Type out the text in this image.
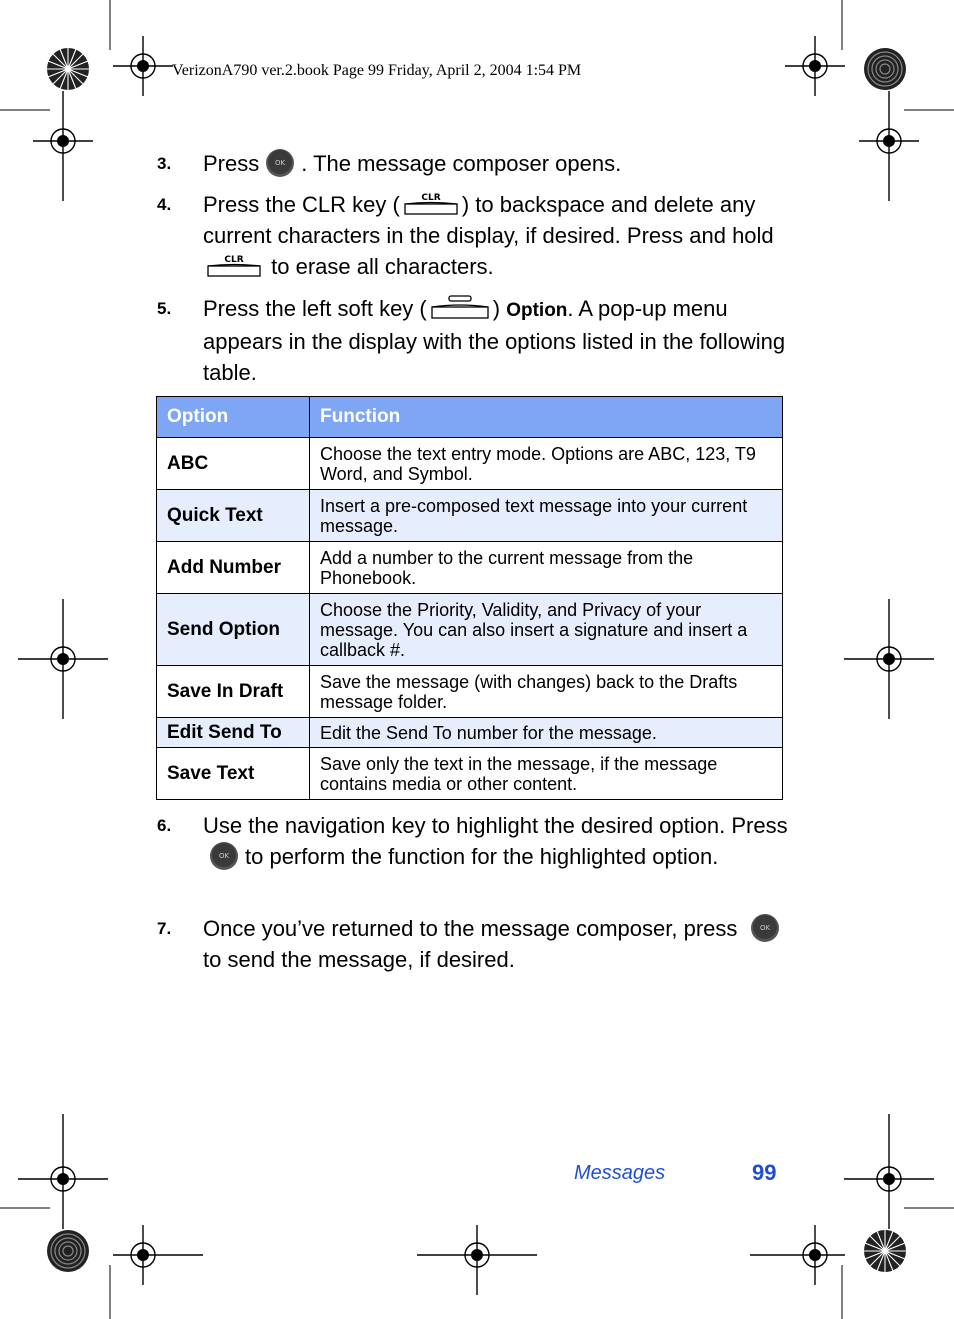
VerizonA790 ver.2.book Page 99 Friday, April 2, 2004 1:54 PM
3. Press OK . The message composer opens.
4. Press the CLR key ( CLR ) to backspace and delete any current characters in the display, if desired. Press and hold
CLR to erase all characters.
5. Press the left soft key (	) Option. A pop-up menu appears in the display with the options listed in the following table.
Option	Function
ABC	Choose the text entry mode. Options are ABC, 123, T9 Word, and Symbol.
Quick Text	Insert a pre-composed text message into your current message.
Add Number	Add a number to the current message from the Phonebook.
Send Option	Choose the Priority, Validity, and Privacy of your message. You can also insert a signature and insert a callback #.
Save In Draft	Save the message (with changes) back to the Drafts message folder.
Edit Send To	Edit the Send To number for the message.
Save Text	Save only the text in the message, if the message contains media or other content.
6. Use the navigation key to highlight the desired option. Press
OK to perform the function for the highlighted option.
7. Once you’ve returned to the message composer, press	OK
to send the message, if desired.
Messages	99
